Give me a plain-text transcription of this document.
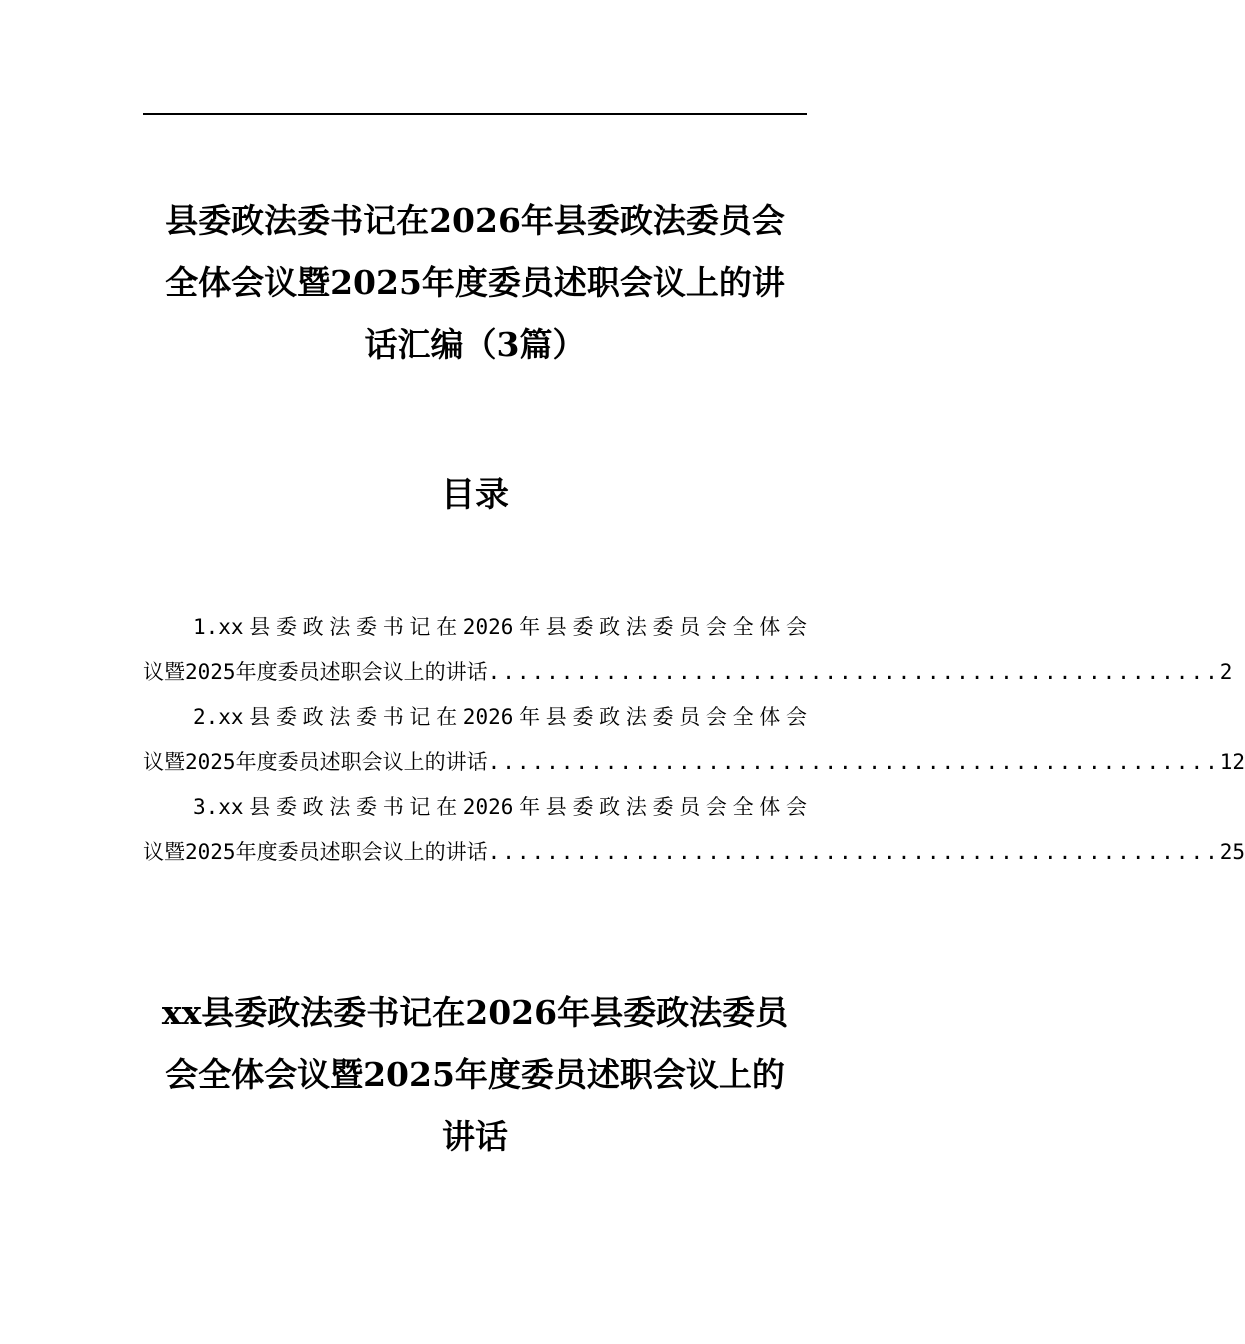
县委政法委书记在2026年县委政法委员会
全体会议暨2025年度委员述职会议上的讲
话汇编（3篇）
目录
1.xx县委政法委书记在2026年县委政法委员会全体会
议暨2025年度委员述职会议上的讲话 .................................................. 2
2.xx县委政法委书记在2026年县委政法委员会全体会
议暨2025年度委员述职会议上的讲话 .................................................. 12
3.xx县委政法委书记在2026年县委政法委员会全体会
议暨2025年度委员述职会议上的讲话 .................................................. 25
xx县委政法委书记在2026年县委政法委员
会全体会议暨2025年度委员述职会议上的
讲话
